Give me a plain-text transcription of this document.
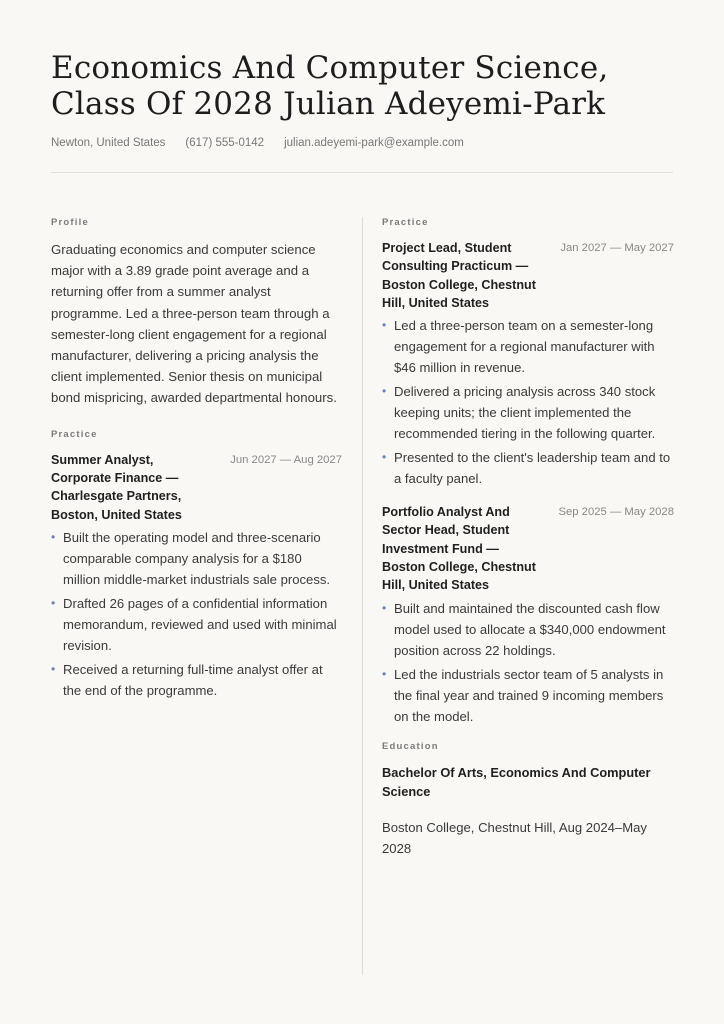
Economics And Computer Science, Class Of 2028 Julian Adeyemi-Park
Newton, United States (617) 555-0142 julian.adeyemi-park@example.com
Profile

Graduating economics and computer science major with a 3.89 grade point average and a returning offer from a summer analyst programme. Led a three-person team through a semester-long client engagement for a regional manufacturer, delivering a pricing analysis the client implemented. Senior thesis on municipal bond mispricing, awarded departmental honours.

Practice
Summer Analyst, Corporate Finance — Charlesgate Partners, Boston, United States
Jun 2027 — Aug 2027
• Built the operating model and three-scenario comparable company analysis for a $180 million middle-market industrials sale process.
• Drafted 26 pages of a confidential information memorandum, reviewed and used with minimal revision.
• Received a returning full-time analyst offer at the end of the programme.
Practice
Project Lead, Student Consulting Practicum — Boston College, Chestnut Hill, United States
Jan 2027 — May 2027
• Led a three-person team on a semester-long engagement for a regional manufacturer with $46 million in revenue.
• Delivered a pricing analysis across 340 stock keeping units; the client implemented the recommended tiering in the following quarter.
• Presented to the client's leadership team and to a faculty panel.
Portfolio Analyst And Sector Head, Student Investment Fund — Boston College, Chestnut Hill, United States
Sep 2025 — May 2028
• Built and maintained the discounted cash flow model used to allocate a $340,000 endowment position across 22 holdings.
• Led the industrials sector team of 5 analysts in the final year and trained 9 incoming members on the model.
Education
Bachelor Of Arts, Economics And Computer Science
Boston College, Chestnut Hill, Aug 2024–May 2028
